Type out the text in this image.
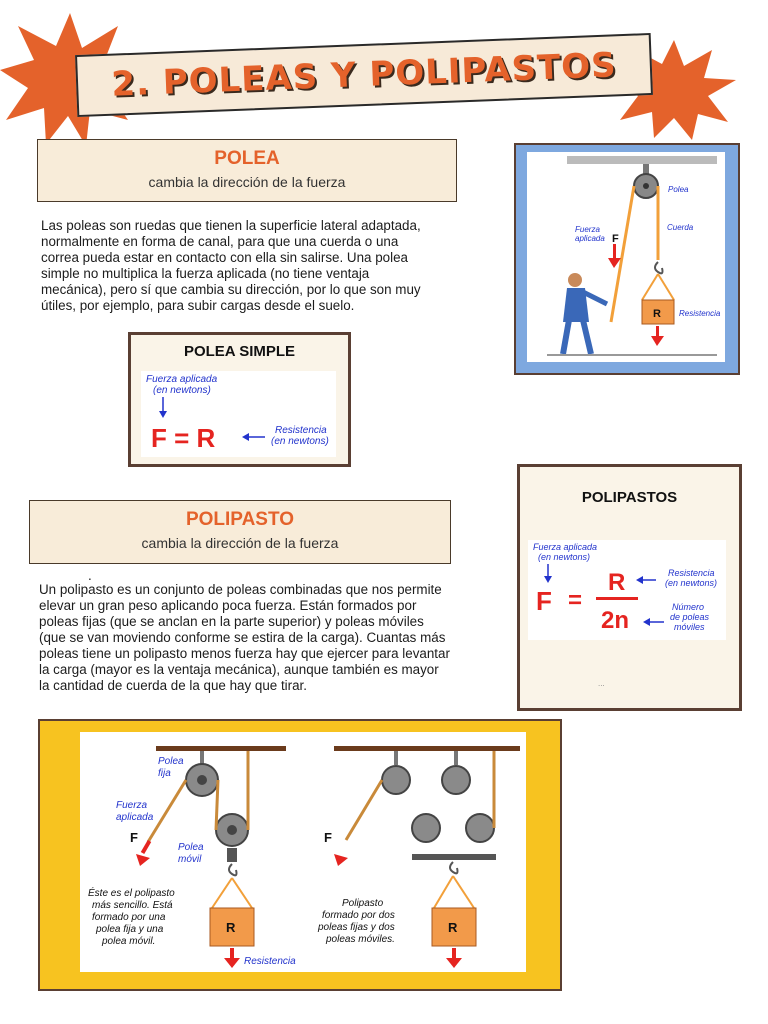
2. POLEAS Y POLIPASTOS
POLEA
cambia la dirección de la fuerza
Las poleas son ruedas que tienen la superficie lateral adaptada,
normalmente en forma de canal, para que una cuerda o una
correa pueda estar en contacto con ella sin salirse. Una polea
simple no multiplica la fuerza aplicada (no tiene ventaja
mecánica), pero sí que cambia su dirección, por lo que son muy
útiles, por ejemplo, para subir cargas desde el suelo.
R
F
Polea
Cuerda
Fuerza
aplicada
Resistencia
POLEA SIMPLE
Fuerza aplicada
(en newtons)
F = R	Resistencia
(en newtons)
POLIPASTOS
Fuerza aplicada
(en newtons)
F =
R
2n
Resistencia
(en newtons)
Número
de poleas
móviles
...
POLIPASTO
cambia la dirección de la fuerza
.
Un polipasto es un conjunto de poleas combinadas que nos permite
elevar un gran peso aplicando poca fuerza. Están formados por
poleas fijas (que se anclan en la parte superior) y poleas móviles
(que se van moviendo conforme se estira de la carga). Cuantas más
poleas tiene un polipasto menos fuerza hay que ejercer para levantar
la carga (mayor es la ventaja mecánica), aunque también es mayor
la cantidad de cuerda de la que hay que tirar.
R
F
Polea
fija
Fuerza
aplicada
Polea
móvil
Éste es el polipasto
más sencillo. Está
formado por una
polea fija y una
polea móvil.
Resistencia
R
F
Polipasto
formado por dos
poleas fijas y dos
poleas móviles.
